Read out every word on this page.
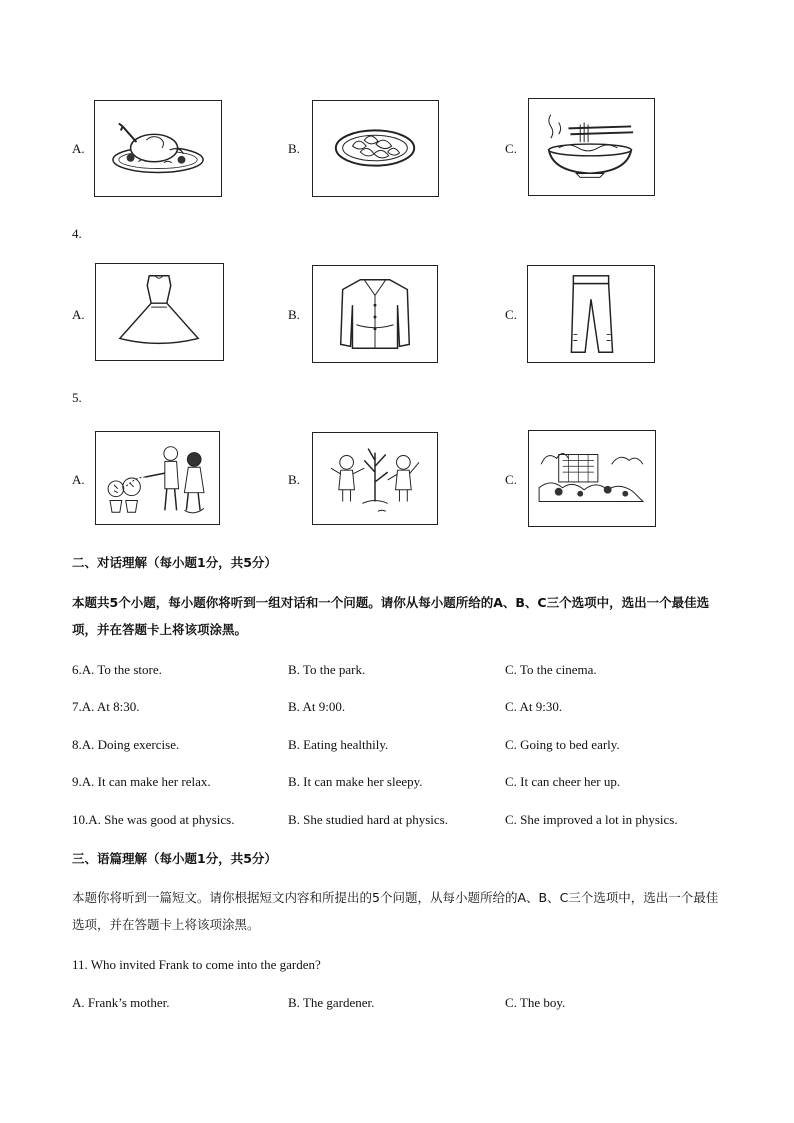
A.	B.	C.
4.
A.	B.	C.
5.
A.	B.	C.
二、对话理解（每小题1分，共5分）
本题共5个小题，每小题你将听到一组对话和一个问题。请你从每小题所给的A、B、C三个选项中，选出一个最佳选项，并在答题卡上将该项涂黑。
6.A. To the store.	B. To the park.	C. To the cinema.
7.A. At 8:30.	B. At 9:00.	C. At 9:30.
8.A. Doing exercise.	B. Eating healthily.	C. Going to bed early.
9.A. It can make her relax.	B. It can make her sleepy.	C. It can cheer her up.
10.A. She was good at physics.	B. She studied hard at physics.	C. She improved a lot in physics.
三、语篇理解（每小题1分，共5分）
本题你将听到一篇短文。请你根据短文内容和所提出的5个问题，从每小题所给的A、B、C三个选项中，选出一个最佳选项，并在答题卡上将该项涂黑。
11. Who invited Frank to come into the garden?
A. Frank’s mother.	B. The gardener.	C. The boy.
